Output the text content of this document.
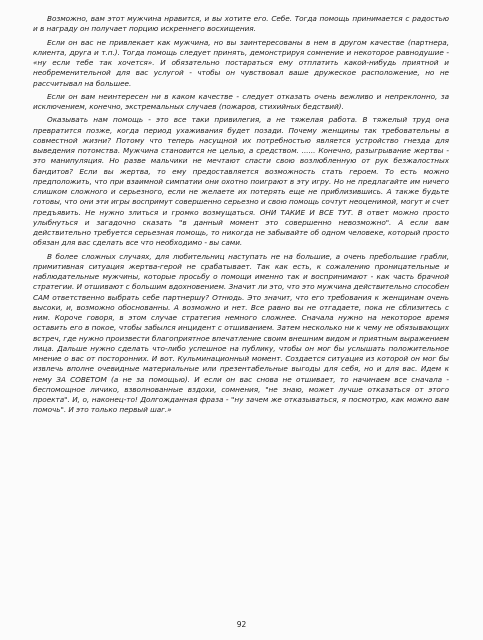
Возможно, вам этот мужчина нравится, и вы хотите его. Себе. Тогда помощь принимается с радостью и в награду он получает порцию искреннего восхищения.

Если он вас не привлекает как мужчина, но вы заинтересованы в нем в другом качестве (партнера, клиента, друга и т.п.). Тогда помощь следует принять, демонстрируя сомнение и некоторое равнодушие - «ну если тебе так хочется». И обязательно постараться ему отплатить какой-нибудь приятной и необременительной для вас услугой - чтобы он чувствовал ваше дружеское расположение, но не рассчитывал на большее.

Если он вам неинтересен ни в каком качестве - следует отказать очень вежливо и непреклонно, за исключением, конечно, экстремальных случаев (пожаров, стихийных бедствий).

Оказывать нам помощь - это все таки привилегия, а не тяжелая работа. В тяжелый труд она превратится позже, когда период ухаживания будет позади. Почему женщины так требовательны в совместной жизни? Потому что теперь насущной их потребностью является устройство гнезда для выведения потомства. Мужчина становится не целью, а средством. ...... Конечно, разыгрывание жертвы - это манипуляция. Но разве мальчики не мечтают спасти свою возлюбленную от рук безжалостных бандитов? Если вы жертва, то ему предоставляется возможность стать героем. То есть можно предположить, что при взаимной симпатии они охотно поиграют в эту игру. Но не предлагайте им ничего слишком сложного и серьезного, если не желаете их потерять еще не приблизившись. А также будьте готовы, что они эти игры воспримут совершенно серьезно и свою помощь сочтут неоценимой, могут и счет предъявить. Не нужно злиться и громко возмущаться. ОНИ ТАКИЕ И ВСЕ ТУТ. В ответ можно просто улыбнуться и загадочно сказать "в данный момент это совершенно невозможно". А если вам действительно требуется серьезная помощь, то никогда не забывайте об одном человеке, который просто обязан для вас сделать все что необходимо - вы сами.

В более сложных случаях, для любительниц наступать не на большие, а очень пребольшие грабли, примитивная ситуация жертва-герой не срабатывает. Так как есть, к сожалению проницательные и наблюдательные мужчины, которые просьбу о помощи именно так и воспринимают - как часть брачной стратегии. И отшивают с большим вдохновением. Значит ли это, что это мужчина действительно способен САМ ответственно выбрать себе партнершу? Отнюдь. Это значит, что его требования к женщинам очень высоки, и, возможно обоснованны. А возможно и нет. Все равно вы не отгадаете, пока не сблизитесь с ним. Короче говоря, в этом случае стратегия немного сложнее. Сначала нужно на некоторое время оставить его в покое, чтобы забылся инцидент с отшиванием. Затем несколько ни к чему не обязывающих встреч, где нужно произвести благоприятное впечатление своим внешним видом и приятным выражением лица. Дальше нужно сделать что-либо успешное на публику, чтобы он мог бы услышать положительное мнение о вас от посторонних. И вот. Кульминационный момент. Создается ситуация из которой он мог бы извлечь вполне очевидные материальные или презентабельные выгоды для себя, но и для вас. Идем к нему ЗА СОВЕТОМ (а не за помощью). И если он вас снова не отшивает, то начинаем все сначала - беспомощное личико, взволнованные вздохи, сомнения, "не знаю, может лучше отказаться от этого проекта". И, о, наконец-то! Долгожданная фраза - "ну зачем же отказываться, я посмотрю, как можно вам помочь". И это только первый шаг.»

92
